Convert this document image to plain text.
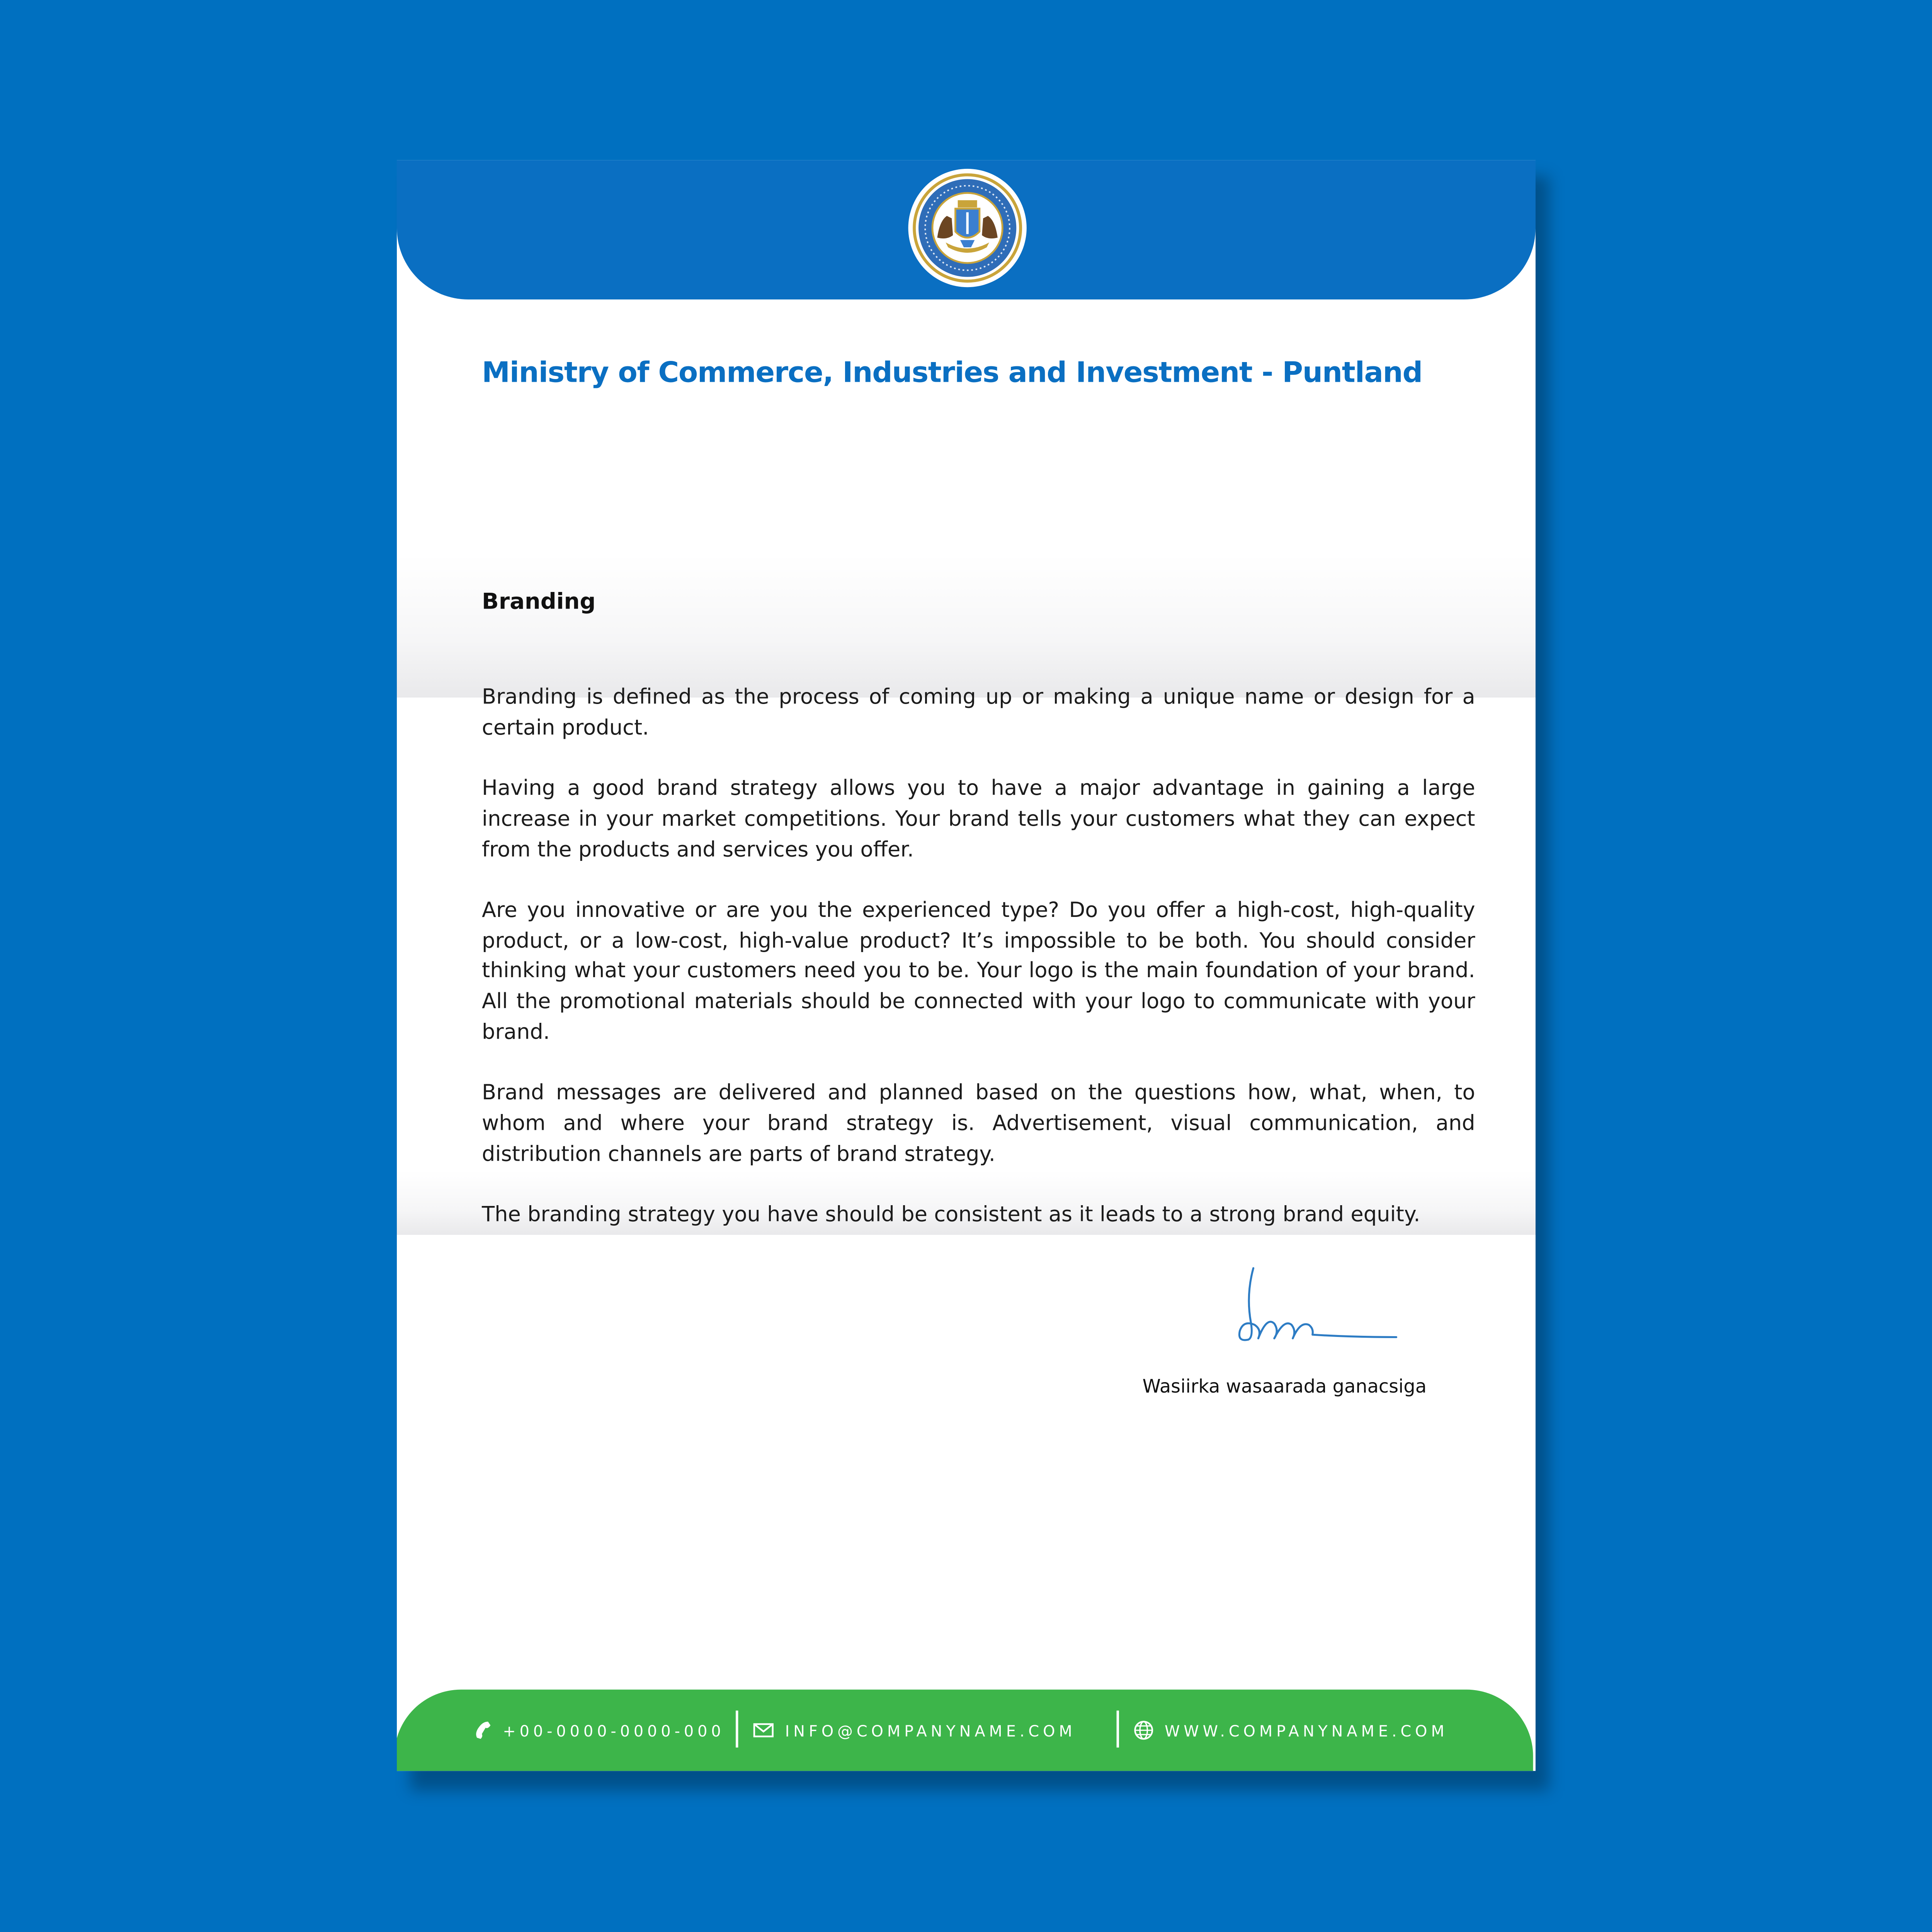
Ministry of Commerce, Industries and Investment - Puntland
Branding

Branding is defined as the process of coming up or making a unique name or design for a certain product.

Having a good brand strategy allows you to have a major advantage in gaining a large increase in your market competitions. Your brand tells your customers what they can expect from the products and services you offer.

Are you innovative or are you the experienced type? Do you offer a high-cost, high-quality product, or a low-cost, high-value product? It’s impossible to be both. You should consider thinking what your customers need you to be. Your logo is the main foundation of your brand. All the promotional materials should be connected with your logo to communicate with your brand.

Brand messages are delivered and planned based on the questions how, what, when, to whom and where your brand strategy is. Advertisement, visual communication, and distribution channels are parts of brand strategy.

The branding strategy you have should be consistent as it leads to a strong brand equity.

Wasiirka wasaarada ganacsiga
+00-0000-0000-000	INFO@COMPANYNAME.COM	WWW.COMPANYNAME.COM
